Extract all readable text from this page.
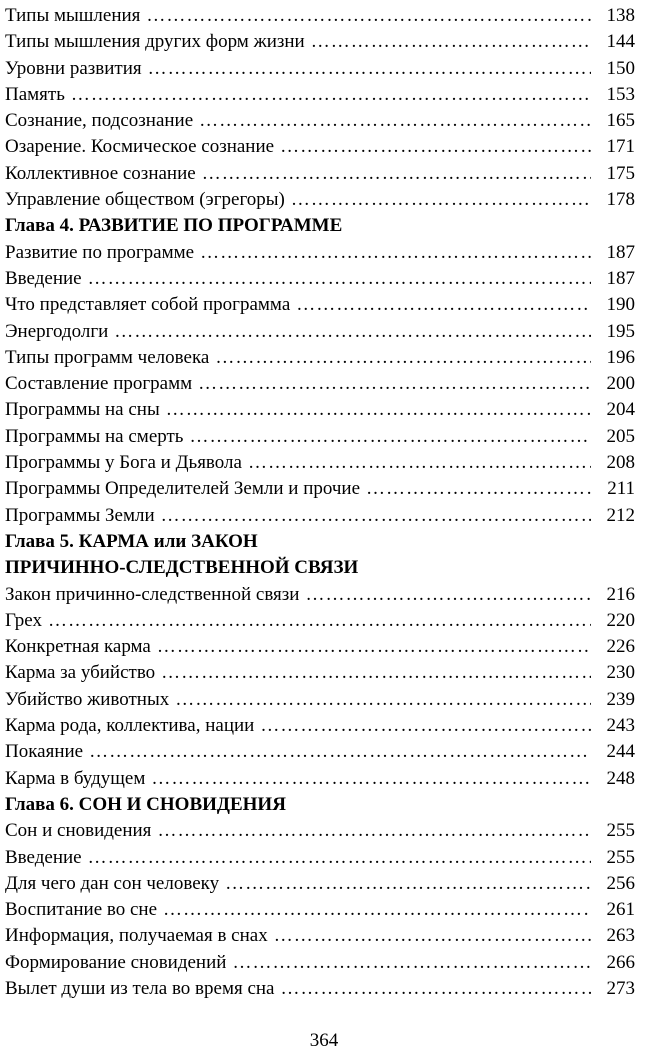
Типы мышления …………………………………………………………………………………………………………………………………………………………	138
Типы мышления других форм жизни …………………………………………………………………………………………………………………………………………………………	144
Уровни развития …………………………………………………………………………………………………………………………………………………………	150
Память …………………………………………………………………………………………………………………………………………………………	153
Сознание, подсознание …………………………………………………………………………………………………………………………………………………………	165
Озарение. Космическое сознание …………………………………………………………………………………………………………………………………………………………	171
Коллективное сознание …………………………………………………………………………………………………………………………………………………………	175
Управление обществом (эгрегоры) …………………………………………………………………………………………………………………………………………………………	178
Глава 4. РАЗВИТИЕ ПО ПРОГРАММЕ
Развитие по программе …………………………………………………………………………………………………………………………………………………………	187
Введение …………………………………………………………………………………………………………………………………………………………	187
Что представляет собой программа …………………………………………………………………………………………………………………………………………………………	190
Энергодолги …………………………………………………………………………………………………………………………………………………………	195
Типы программ человека …………………………………………………………………………………………………………………………………………………………	196
Составление программ …………………………………………………………………………………………………………………………………………………………	200
Программы на сны …………………………………………………………………………………………………………………………………………………………	204
Программы на смерть …………………………………………………………………………………………………………………………………………………………	205
Программы у Бога и Дьявола …………………………………………………………………………………………………………………………………………………………	208
Программы Определителей Земли и прочие …………………………………………………………………………………………………………………………………………………………	211
Программы Земли …………………………………………………………………………………………………………………………………………………………	212
Глава 5. КАРМА или ЗАКОН
ПРИЧИННО-СЛЕДСТВЕННОЙ СВЯЗИ
Закон причинно-следственной связи …………………………………………………………………………………………………………………………………………………………	216
Грех …………………………………………………………………………………………………………………………………………………………	220
Конкретная карма …………………………………………………………………………………………………………………………………………………………	226
Карма за убийство …………………………………………………………………………………………………………………………………………………………	230
Убийство животных …………………………………………………………………………………………………………………………………………………………	239
Карма рода, коллектива, нации …………………………………………………………………………………………………………………………………………………………	243
Покаяние …………………………………………………………………………………………………………………………………………………………	244
Карма в будущем …………………………………………………………………………………………………………………………………………………………	248
Глава 6. СОН И СНОВИДЕНИЯ
Сон и сновидения …………………………………………………………………………………………………………………………………………………………	255
Введение …………………………………………………………………………………………………………………………………………………………	255
Для чего дан сон человеку …………………………………………………………………………………………………………………………………………………………	256
Воспитание во сне …………………………………………………………………………………………………………………………………………………………	261
Информация, получаемая в снах …………………………………………………………………………………………………………………………………………………………	263
Формирование сновидений …………………………………………………………………………………………………………………………………………………………	266
Вылет души из тела во время сна …………………………………………………………………………………………………………………………………………………………	273
364
